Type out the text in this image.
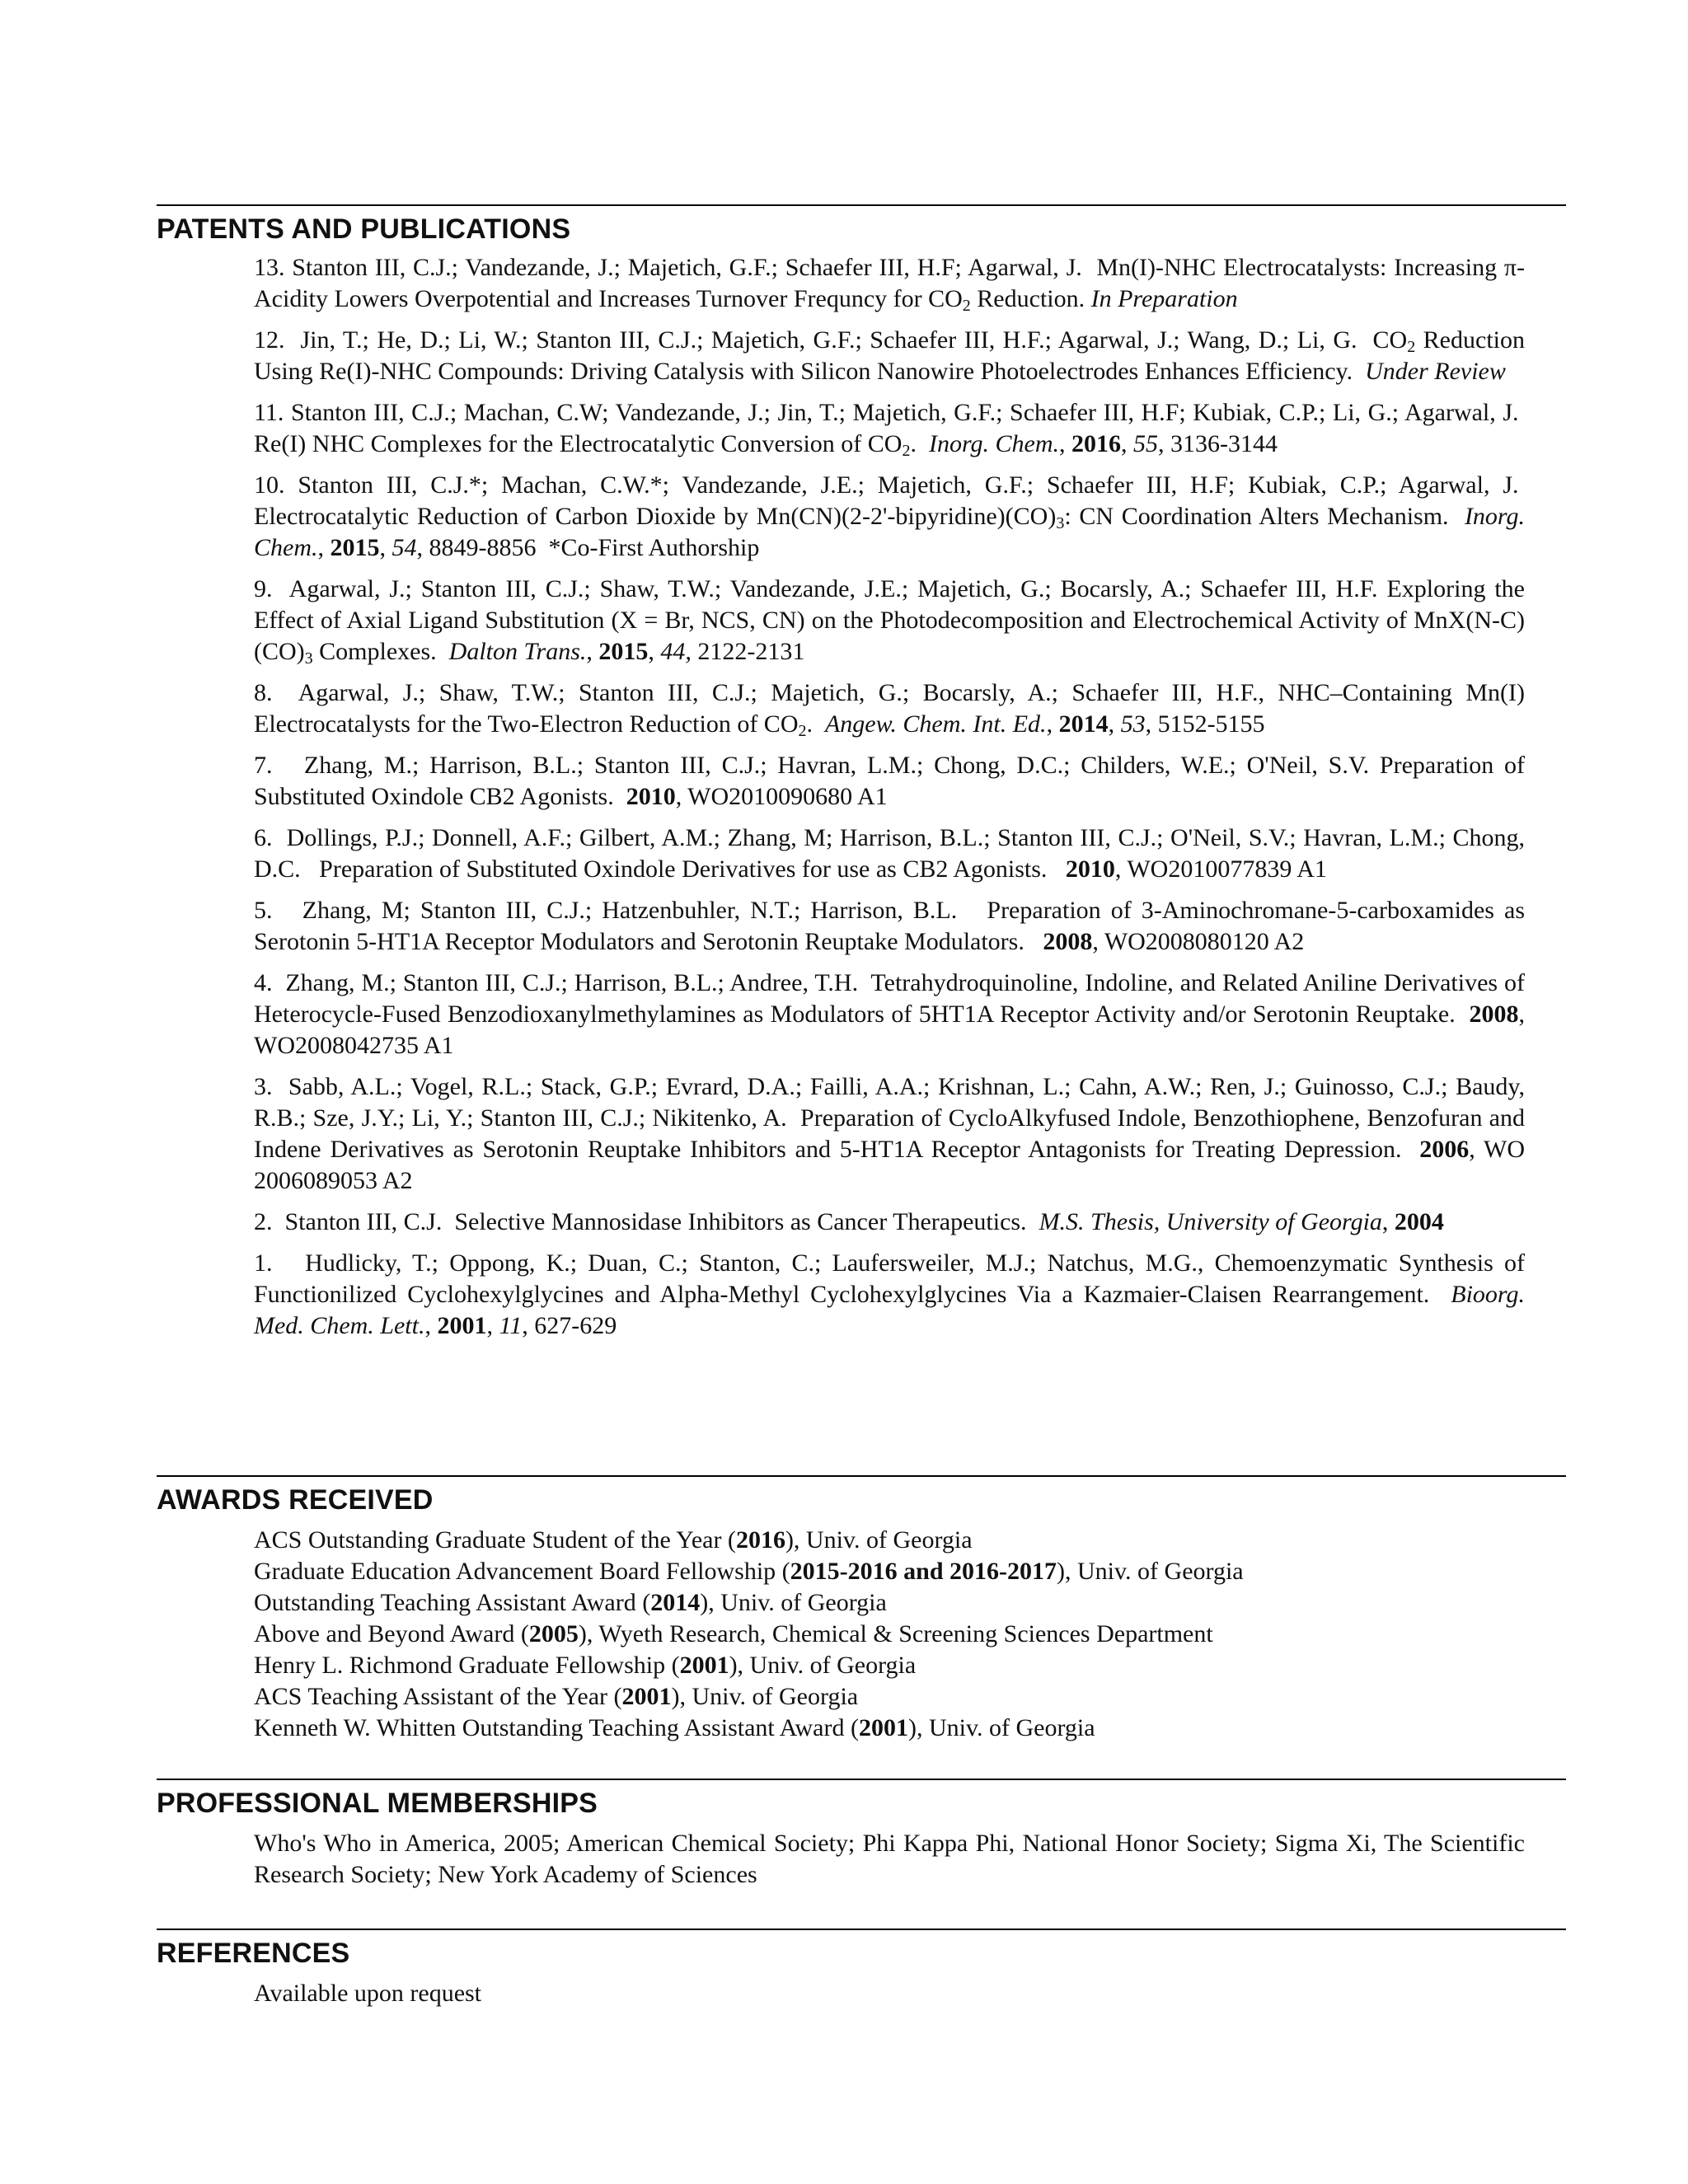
PATENTS AND PUBLICATIONS

13. Stanton III, C.J.; Vandezande, J.; Majetich, G.F.; Schaefer III, H.F; Agarwal, J.  Mn(I)-NHC Electrocatalysts: Increasing π-Acidity Lowers Overpotential and Increases Turnover Frequncy for $CO_2$ Reduction. In Preparation

12.  Jin, T.; He, D.; Li, W.; Stanton III, C.J.; Majetich, G.F.; Schaefer III, H.F.; Agarwal, J.; Wang, D.; Li, G.  $CO_2$ Reduction Using Re(I)-NHC Compounds: Driving Catalysis with Silicon Nanowire Photoelectrodes Enhances Efficiency.  Under Review

11. Stanton III, C.J.; Machan, C.W; Vandezande, J.; Jin, T.; Majetich, G.F.; Schaefer III, H.F; Kubiak, C.P.; Li, G.; Agarwal, J.  Re(I) NHC Complexes for the Electrocatalytic Conversion of $CO_2$.  Inorg. Chem., 2016, 55, 3136-3144

10. Stanton III, C.J.*; Machan, C.W.*; Vandezande, J.E.; Majetich, G.F.; Schaefer III, H.F; Kubiak, C.P.; Agarwal, J.  Electrocatalytic Reduction of Carbon Dioxide by $Mn(CN)(2-2'-bipyridine)(CO)_3$: CN Coordination Alters Mechanism.  Inorg. Chem., 2015, 54, 8849-8856  *Co-First Authorship

9.  Agarwal, J.; Stanton III, C.J.; Shaw, T.W.; Vandezande, J.E.; Majetich, G.; Bocarsly, A.; Schaefer III, H.F. Exploring the Effect of Axial Ligand Substitution (X = Br, NCS, CN) on the Photodecomposition and Electrochemical Activity of $MnX(N-C)(CO)_3$ Complexes.  Dalton Trans., 2015, 44, 2122-2131

8.  Agarwal, J.; Shaw, T.W.; Stanton III, C.J.; Majetich, G.; Bocarsly, A.; Schaefer III, H.F., NHC–Containing Mn(I) Electrocatalysts for the Two-Electron Reduction of $CO_2$.  Angew. Chem. Int. Ed., 2014, 53, 5152-5155

7.   Zhang, M.; Harrison, B.L.; Stanton III, C.J.; Havran, L.M.; Chong, D.C.; Childers, W.E.; O'Neil, S.V. Preparation of Substituted Oxindole CB2 Agonists.  2010, WO2010090680 A1

6.  Dollings, P.J.; Donnell, A.F.; Gilbert, A.M.; Zhang, M; Harrison, B.L.; Stanton III, C.J.; O'Neil, S.V.; Havran, L.M.; Chong, D.C.   Preparation of Substituted Oxindole Derivatives for use as CB2 Agonists.   2010, WO2010077839 A1

5.   Zhang, M; Stanton III, C.J.; Hatzenbuhler, N.T.; Harrison, B.L.   Preparation of 3-Aminochromane-5-carboxamides as Serotonin 5-HT1A Receptor Modulators and Serotonin Reuptake Modulators.   2008, WO2008080120 A2

4.  Zhang, M.; Stanton III, C.J.; Harrison, B.L.; Andree, T.H.  Tetrahydroquinoline, Indoline, and Related Aniline Derivatives of Heterocycle-Fused Benzodioxanylmethylamines as Modulators of 5HT1A Receptor Activity and/or Serotonin Reuptake.  2008, WO2008042735 A1

3.  Sabb, A.L.; Vogel, R.L.; Stack, G.P.; Evrard, D.A.; Failli, A.A.; Krishnan, L.; Cahn, A.W.; Ren, J.; Guinosso, C.J.; Baudy, R.B.; Sze, J.Y.; Li, Y.; Stanton III, C.J.; Nikitenko, A.  Preparation of CycloAlkyfused Indole, Benzothiophene, Benzofuran and Indene Derivatives as Serotonin Reuptake Inhibitors and 5-HT1A Receptor Antagonists for Treating Depression.  2006, WO 2006089053 A2

2.  Stanton III, C.J.  Selective Mannosidase Inhibitors as Cancer Therapeutics.  M.S. Thesis, University of Georgia, 2004

1.   Hudlicky, T.; Oppong, K.; Duan, C.; Stanton, C.; Laufersweiler, M.J.; Natchus, M.G., Chemoenzymatic Synthesis of Functionilized Cyclohexylglycines and Alpha-Methyl Cyclohexylglycines Via a Kazmaier-Claisen Rearrangement.  Bioorg. Med. Chem. Lett., 2001, 11, 627-629

AWARDS RECEIVED

ACS Outstanding Graduate Student of the Year (2016), Univ. of Georgia

Graduate Education Advancement Board Fellowship (2015-2016 and 2016-2017), Univ. of Georgia

Outstanding Teaching Assistant Award (2014), Univ. of Georgia

Above and Beyond Award (2005), Wyeth Research, Chemical & Screening Sciences Department

Henry L. Richmond Graduate Fellowship (2001), Univ. of Georgia

ACS Teaching Assistant of the Year (2001), Univ. of Georgia

Kenneth W. Whitten Outstanding Teaching Assistant Award (2001), Univ. of Georgia

PROFESSIONAL MEMBERSHIPS

Who's Who in America, 2005; American Chemical Society; Phi Kappa Phi, National Honor Society; Sigma Xi, The Scientific Research Society; New York Academy of Sciences

REFERENCES

Available upon request
